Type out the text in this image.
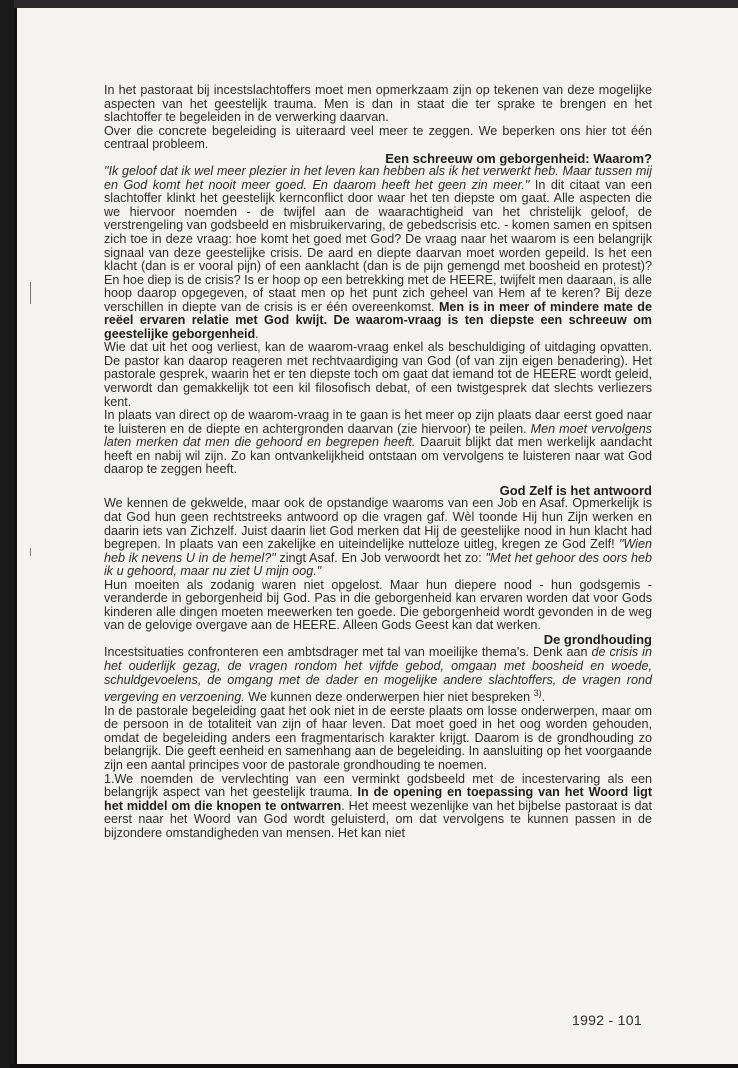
In het pastoraat bij incestslachtoffers moet men opmerkzaam zijn op tekenen van deze mogelijke aspecten van het geestelijk trauma. Men is dan in staat die ter sprake te brengen en het slachtoffer te begeleiden in de verwerking daarvan.

Over die concrete begeleiding is uiteraard veel meer te zeggen. We beperken ons hier tot één centraal probleem.

Een schreeuw om geborgenheid: Waarom?

"Ik geloof dat ik wel meer plezier in het leven kan hebben als ik het verwerkt heb. Maar tussen mij en God komt het nooit meer goed. En daarom heeft het geen zin meer." In dit citaat van een slachtoffer klinkt het geestelijk kernconflict door waar het ten diepste om gaat. Alle aspecten die we hiervoor noemden - de twijfel aan de waarachtigheid van het christelijk geloof, de verstrengeling van godsbeeld en misbruikervaring, de gebedscrisis etc. - komen samen en spitsen zich toe in deze vraag: hoe komt het goed met God? De vraag naar het waarom is een belangrijk signaal van deze geestelijke crisis. De aard en diepte daarvan moet worden gepeild. Is het een klacht (dan is er vooral pijn) of een aanklacht (dan is de pijn gemengd met boosheid en protest)? En hoe diep is de crisis? Is er hoop op een betrekking met de HEERE, twijfelt men daaraan, is alle hoop daarop opgegeven, of staat men op het punt zich geheel van Hem af te keren? Bij deze verschillen in diepte van de crisis is er één overeenkomst. Men is in meer of mindere mate de reëel ervaren relatie met God kwijt. De waarom-vraag is ten diepste een schreeuw om geestelijke geborgenheid.

Wie dat uit het oog verliest, kan de waarom-vraag enkel als beschuldiging of uitdaging opvatten. De pastor kan daarop reageren met rechtvaardiging van God (of van zijn eigen benadering). Het pastorale gesprek, waarin het er ten diepste toch om gaat dat iemand tot de HEERE wordt geleid, verwordt dan gemakkelijk tot een kil filosofisch debat, of een twistgesprek dat slechts verliezers kent.

In plaats van direct op de waarom-vraag in te gaan is het meer op zijn plaats daar eerst goed naar te luisteren en de diepte en achtergronden daarvan (zie hiervoor) te peilen. Men moet vervolgens laten merken dat men die gehoord en begrepen heeft. Daaruit blijkt dat men werkelijk aandacht heeft en nabij wil zijn. Zo kan ontvankelijkheid ontstaan om vervolgens te luisteren naar wat God daarop te zeggen heeft.

God Zelf is het antwoord

We kennen de gekwelde, maar ook de opstandige waaroms van een Job en Asaf. Opmerkelijk is dat God hun geen rechtstreeks antwoord op die vragen gaf. Wèl toonde Hij hun Zijn werken en daarin iets van Zichzelf. Juist daarin liet God merken dat Hij de geestelijke nood in hun klacht had begrepen. In plaats van een zakelijke en uiteindelijke nutteloze uitleg, kregen ze God Zelf! "Wien heb ik nevens U in de hemel?" zingt Asaf. En Job verwoordt het zo: "Met het gehoor des oors heb ik u gehoord, maar nu ziet U mijn oog."

Hun moeiten als zodanig waren niet opgelost. Maar hun diepere nood - hun godsgemis - veranderde in geborgenheid bij God. Pas in die geborgenheid kan ervaren worden dat voor Gods kinderen alle dingen moeten meewerken ten goede. Die geborgenheid wordt gevonden in de weg van de gelovige overgave aan de HEERE. Alleen Gods Geest kan dat werken.

De grondhouding

Incestsituaties confronteren een ambtsdrager met tal van moeilijke thema's. Denk aan de crisis in het ouderlijk gezag, de vragen rondom het vijfde gebod, omgaan met boosheid en woede, schuldgevoelens, de omgang met de dader en mogelijke andere slachtoffers, de vragen rond vergeving en verzoening. We kunnen deze onderwerpen hier niet bespreken $^{3)}$.

In de pastorale begeleiding gaat het ook niet in de eerste plaats om losse onderwerpen, maar om de persoon in de totaliteit van zijn of haar leven. Dat moet goed in het oog worden gehouden, omdat de begeleiding anders een fragmentarisch karakter krijgt. Daarom is de grondhouding zo belangrijk. Die geeft eenheid en samenhang aan de begeleiding. In aansluiting op het voorgaande zijn een aantal principes voor de pastorale grondhouding te noemen.

1.We noemden de vervlechting van een verminkt godsbeeld met de incestervaring als een belangrijk aspect van het geestelijk trauma. In de opening en toepassing van het Woord ligt het middel om die knopen te ontwarren. Het meest wezenlijke van het bijbelse pastoraat is dat eerst naar het Woord van God wordt geluisterd, om dat vervolgens te kunnen passen in de bijzondere omstandigheden van mensen. Het kan niet

1992 - 101
